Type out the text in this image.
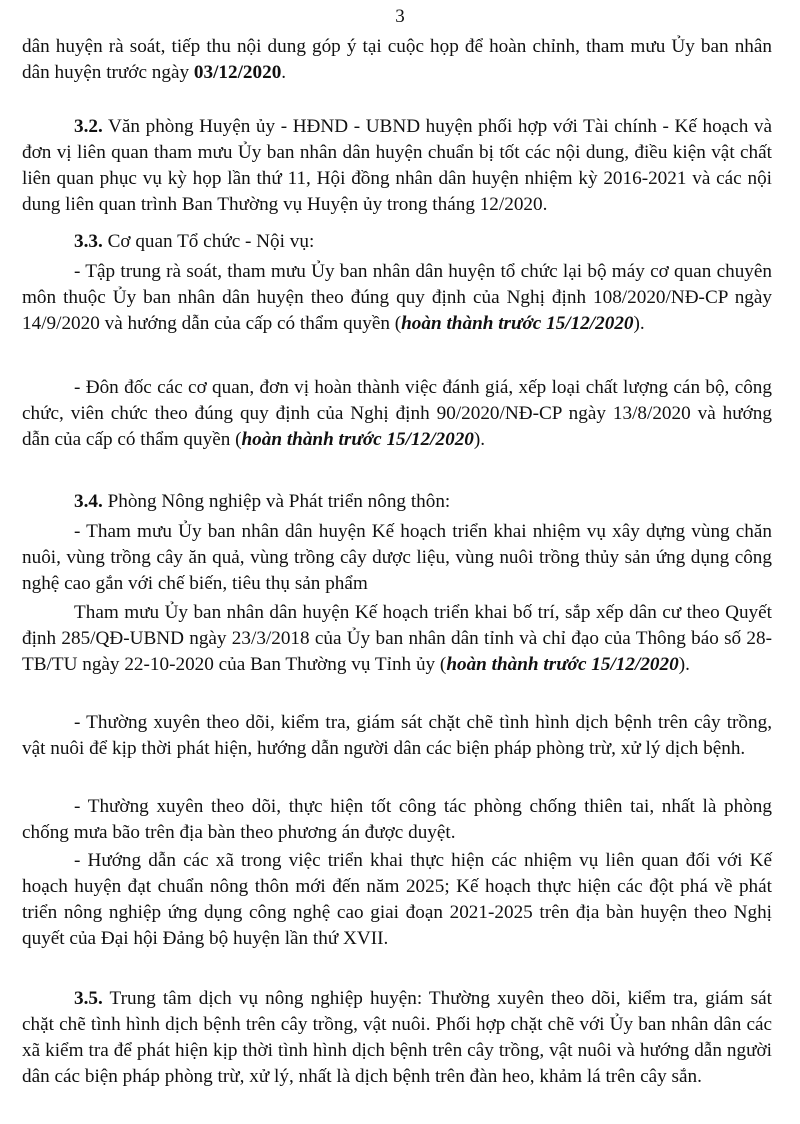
3

dân huyện rà soát, tiếp thu nội dung góp ý tại cuộc họp để hoàn chỉnh, tham mưu Ủy ban nhân dân huyện trước ngày 03/12/2020.

3.2. Văn phòng Huyện ủy - HĐND - UBND huyện phối hợp với Tài chính - Kế hoạch và đơn vị liên quan tham mưu Ủy ban nhân dân huyện chuẩn bị tốt các nội dung, điều kiện vật chất liên quan phục vụ kỳ họp lần thứ 11, Hội đồng nhân dân huyện nhiệm kỳ 2016-2021 và các nội dung liên quan trình Ban Thường vụ Huyện ủy trong tháng 12/2020.

3.3. Cơ quan Tổ chức - Nội vụ:

- Tập trung rà soát, tham mưu Ủy ban nhân dân huyện tổ chức lại bộ máy cơ quan chuyên môn thuộc Ủy ban nhân dân huyện theo đúng quy định của Nghị định 108/2020/NĐ-CP ngày 14/9/2020 và hướng dẫn của cấp có thẩm quyền (hoàn thành trước 15/12/2020).

- Đôn đốc các cơ quan, đơn vị hoàn thành việc đánh giá, xếp loại chất lượng cán bộ, công chức, viên chức theo đúng quy định của Nghị định 90/2020/NĐ-CP ngày 13/8/2020 và hướng dẫn của cấp có thẩm quyền (hoàn thành trước 15/12/2020).

3.4. Phòng Nông nghiệp và Phát triển nông thôn:

- Tham mưu Ủy ban nhân dân huyện Kế hoạch triển khai nhiệm vụ xây dựng vùng chăn nuôi, vùng trồng cây ăn quả, vùng trồng cây dược liệu, vùng nuôi trồng thủy sản ứng dụng công nghệ cao gắn với chế biến, tiêu thụ sản phẩm

Tham mưu Ủy ban nhân dân huyện Kế hoạch triển khai bố trí, sắp xếp dân cư theo Quyết định 285/QĐ-UBND ngày 23/3/2018 của Ủy ban nhân dân tỉnh và chỉ đạo của Thông báo số 28-TB/TU ngày 22-10-2020 của Ban Thường vụ Tỉnh ủy (hoàn thành trước 15/12/2020).

- Thường xuyên theo dõi, kiểm tra, giám sát chặt chẽ tình hình dịch bệnh trên cây trồng, vật nuôi để kịp thời phát hiện, hướng dẫn người dân các biện pháp phòng trừ, xử lý dịch bệnh.

- Thường xuyên theo dõi, thực hiện tốt công tác phòng chống thiên tai, nhất là phòng chống mưa bão trên địa bàn theo phương án được duyệt.

- Hướng dẫn các xã trong việc triển khai thực hiện các nhiệm vụ liên quan đối với Kế hoạch huyện đạt chuẩn nông thôn mới đến năm 2025; Kế hoạch thực hiện các đột phá về phát triển nông nghiệp ứng dụng công nghệ cao giai đoạn 2021-2025 trên địa bàn huyện theo Nghị quyết của Đại hội Đảng bộ huyện lần thứ XVII.

3.5. Trung tâm dịch vụ nông nghiệp huyện: Thường xuyên theo dõi, kiểm tra, giám sát chặt chẽ tình hình dịch bệnh trên cây trồng, vật nuôi. Phối hợp chặt chẽ với Ủy ban nhân dân các xã kiểm tra để phát hiện kịp thời tình hình dịch bệnh trên cây trồng, vật nuôi và hướng dẫn người dân các biện pháp phòng trừ, xử lý, nhất là dịch bệnh trên đàn heo, khảm lá trên cây sắn.
